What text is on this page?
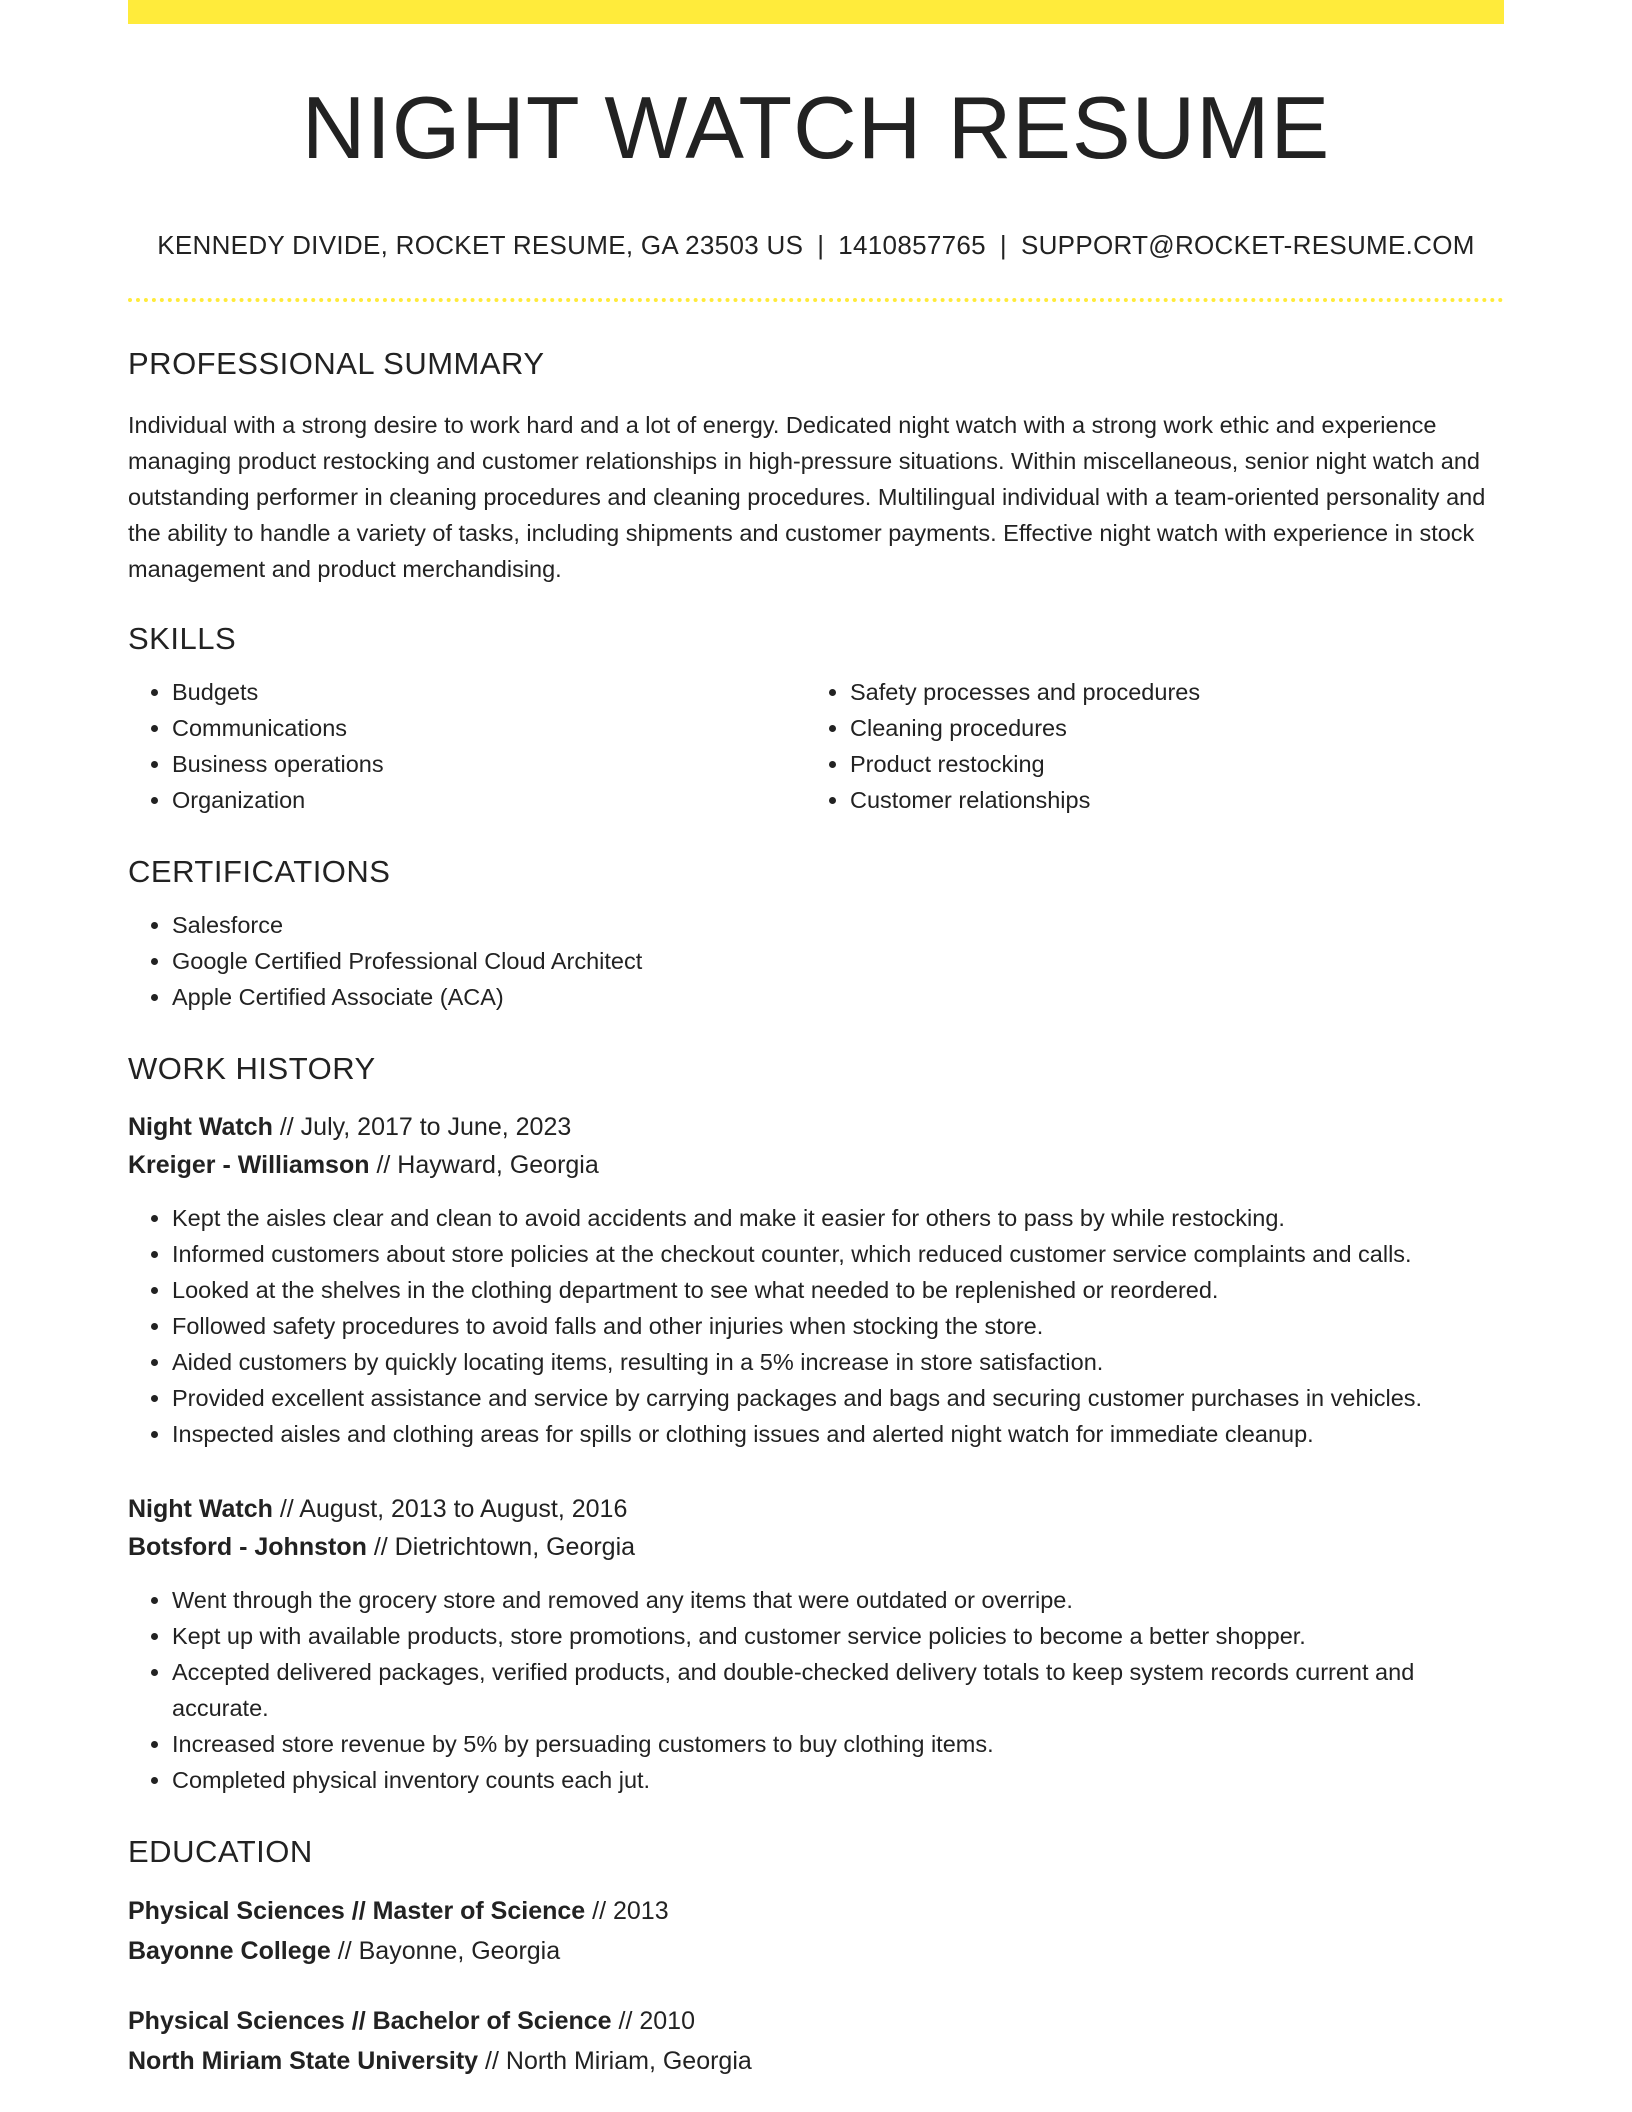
NIGHT WATCH RESUME
KENNEDY DIVIDE, ROCKET RESUME, GA 23503 US | 1410857765 | SUPPORT@ROCKET-RESUME.COM
PROFESSIONAL SUMMARY
Individual with a strong desire to work hard and a lot of energy. Dedicated night watch with a strong work ethic and experience managing product restocking and customer relationships in high-pressure situations. Within miscellaneous, senior night watch and outstanding performer in cleaning procedures and cleaning procedures. Multilingual individual with a team-oriented personality and the ability to handle a variety of tasks, including shipments and customer payments. Effective night watch with experience in stock management and product merchandising.
SKILLS
• Budgets
• Communications
• Business operations
• Organization
• Safety processes and procedures
• Cleaning procedures
• Product restocking
• Customer relationships
CERTIFICATIONS
• Salesforce
• Google Certified Professional Cloud Architect
• Apple Certified Associate (ACA)
WORK HISTORY
Night Watch // July, 2017 to June, 2023
Kreiger - Williamson // Hayward, Georgia
• Kept the aisles clear and clean to avoid accidents and make it easier for others to pass by while restocking.
• Informed customers about store policies at the checkout counter, which reduced customer service complaints and calls.
• Looked at the shelves in the clothing department to see what needed to be replenished or reordered.
• Followed safety procedures to avoid falls and other injuries when stocking the store.
• Aided customers by quickly locating items, resulting in a 5% increase in store satisfaction.
• Provided excellent assistance and service by carrying packages and bags and securing customer purchases in vehicles.
• Inspected aisles and clothing areas for spills or clothing issues and alerted night watch for immediate cleanup.
Night Watch // August, 2013 to August, 2016
Botsford - Johnston // Dietrichtown, Georgia
• Went through the grocery store and removed any items that were outdated or overripe.
• Kept up with available products, store promotions, and customer service policies to become a better shopper.
• Accepted delivered packages, verified products, and double-checked delivery totals to keep system records current and accurate.
• Increased store revenue by 5% by persuading customers to buy clothing items.
• Completed physical inventory counts each jut.
EDUCATION
Physical Sciences // Master of Science // 2013
Bayonne College // Bayonne, Georgia
Physical Sciences // Bachelor of Science // 2010
North Miriam State University // North Miriam, Georgia
